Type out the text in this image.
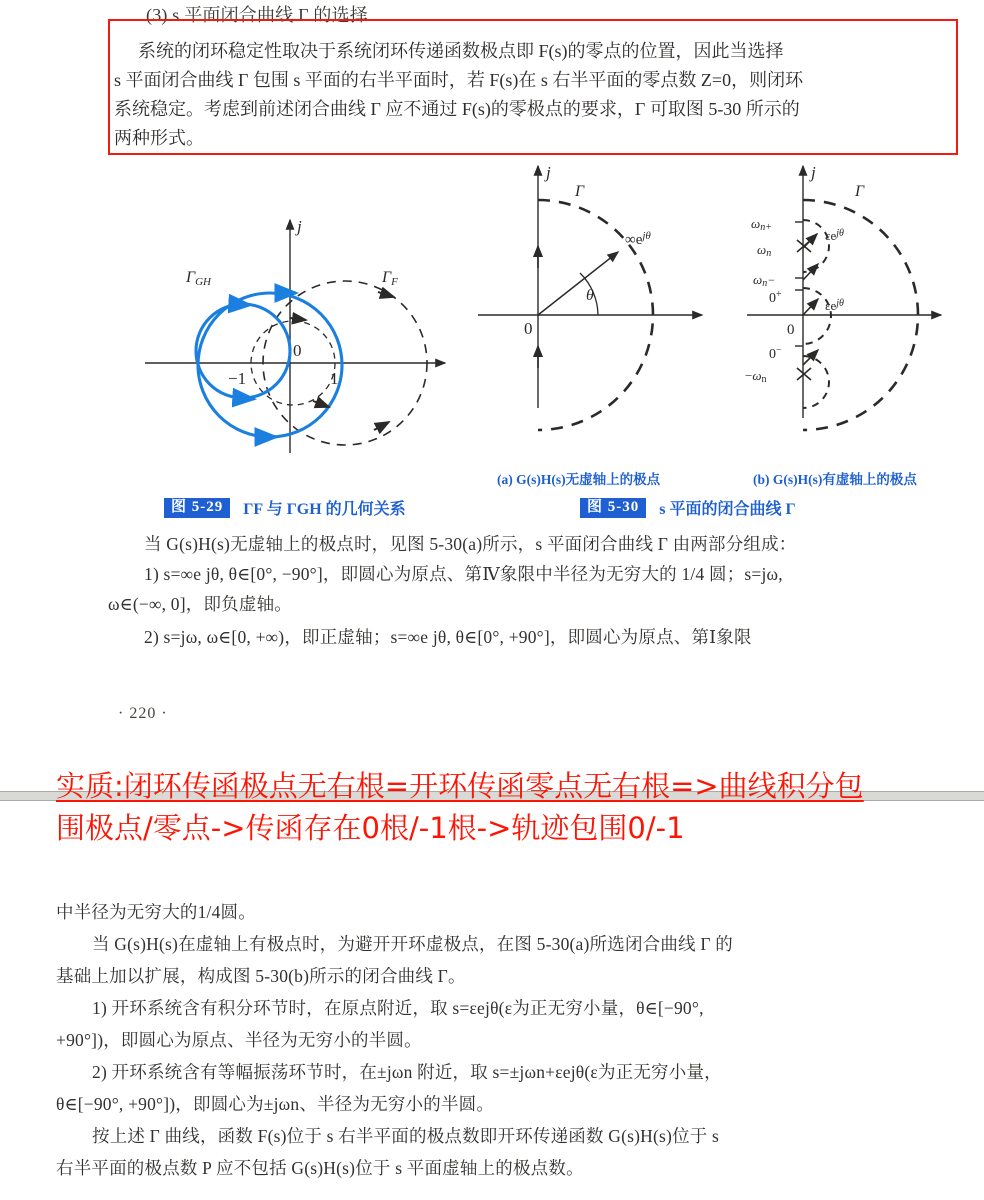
(3) s 平面闭合曲线 Γ 的选择
系统的闭环稳定性取决于系统闭环传递函数极点即 F(s)的零点的位置，因此当选择
s 平面闭合曲线 Γ 包围 s 平面的右半平面时，若 F(s)在 s 右半平面的零点数 Z=0，则闭环
系统稳定。考虑到前述闭合曲线 Γ 应不通过 F(s)的零极点的要求，Γ 可取图 5-30 所示的
两种形式。
j
0
−1	1
ΓGH	ΓF
j
0
Γ
$\infty e^{j\theta}$
θ
j
Γ
ωn+
ωn
ωn−
0+
0
0−
−ωn
$\varepsilon e^{j\theta}$
$\varepsilon e^{j\theta}$
(a) G(s)H(s)无虚轴上的极点	(b) G(s)H(s)有虚轴上的极点
图 5-29	ΓF 与 ΓGH 的几何关系	图 5-30	s 平面的闭合曲线 Γ
当 G(s)H(s)无虚轴上的极点时，见图 5-30(a)所示，s 平面闭合曲线 Γ 由两部分组成：
1) s=∞e jθ, θ∈[0°, −90°]，即圆心为原点、第Ⅳ象限中半径为无穷大的 1/4 圆；s=jω,
ω∈(−∞, 0]，即负虚轴。
2) s=jω, ω∈[0, +∞)，即正虚轴；s=∞e jθ, θ∈[0°, +90°]，即圆心为原点、第Ⅰ象限
· 220 ·
实质:闭环传函极点无右根=开环传函零点无右根=>曲线积分包
围极点/零点->传函存在0根/-1根->轨迹包围0/-1
中半径为无穷大的1/4圆。
当 G(s)H(s)在虚轴上有极点时，为避开开环虚极点，在图 5-30(a)所选闭合曲线 Γ 的
基础上加以扩展，构成图 5-30(b)所示的闭合曲线 Γ。
1) 开环系统含有积分环节时，在原点附近，取 s=εejθ(ε为正无穷小量，θ∈[−90°,
+90°])，即圆心为原点、半径为无穷小的半圆。
2) 开环系统含有等幅振荡环节时，在±jωn 附近，取 s=±jωn+εejθ(ε为正无穷小量，
θ∈[−90°, +90°])，即圆心为±jωn、半径为无穷小的半圆。
按上述 Γ 曲线，函数 F(s)位于 s 右半平面的极点数即开环传递函数 G(s)H(s)位于 s
右半平面的极点数 P 应不包括 G(s)H(s)位于 s 平面虚轴上的极点数。
